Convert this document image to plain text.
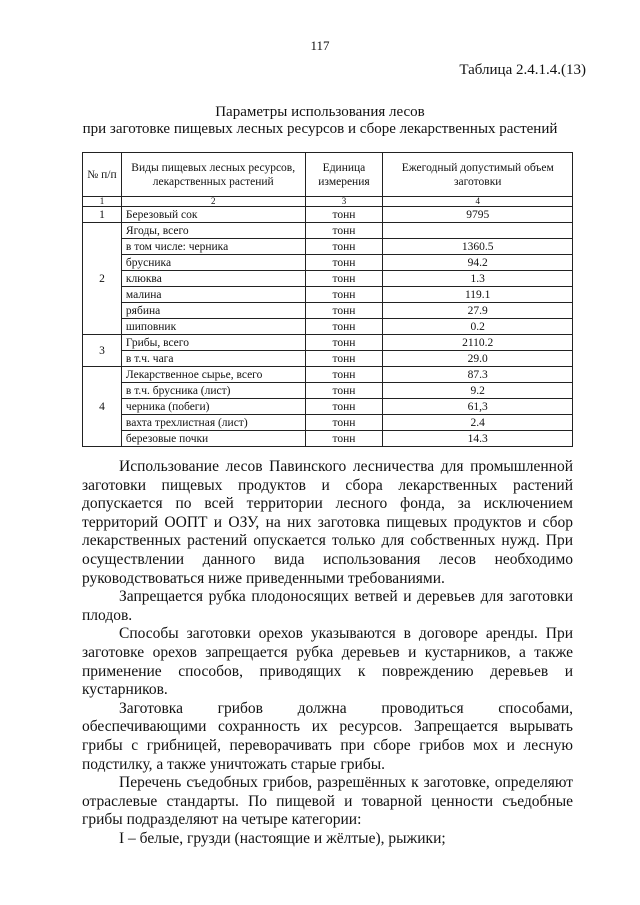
117
Таблица 2.4.1.4.(13)
Параметры использования лесов
при заготовке пищевых лесных ресурсов и сборе лекарственных растений
№ п/п	Виды пищевых лесных ресурсов, лекарственных растений	Единица измерения	Ежегодный допустимый объем заготовки
1	2	3	4
1	Березовый сок	тонн	9795
2	Ягоды, всего	тонн	
	в том числе: черника	тонн	1360.5
	брусника	тонн	94.2
	клюква	тонн	1.3
	малина	тонн	119.1
	рябина	тонн	27.9
	шиповник	тонн	0.2
3	Грибы, всего	тонн	2110.2
	в т.ч. чага	тонн	29.0
4	Лекарственное сырье, всего	тонн	87.3
	в т.ч. брусника (лист)	тонн	9.2
	черника (побеги)	тонн	61,3
	вахта трехлистная (лист)	тонн	2.4
	березовые почки	тонн	14.3

Использование лесов Павинского лесничества для промышленной заготовки пищевых продуктов и сбора лекарственных растений допускается по всей территории лесного фонда, за исключением территорий ООПТ и ОЗУ, на них заготовка пищевых продуктов и сбор лекарственных растений опускается только для собственных нужд. При осуществлении данного вида использования лесов необходимо руководствоваться ниже приведенными требованиями.

Запрещается рубка плодоносящих ветвей и деревьев для заготовки плодов.

Способы заготовки орехов указываются в договоре аренды. При заготовке орехов запрещается рубка деревьев и кустарников, а также применение способов, приводящих к повреждению деревьев и кустарников.

Заготовка грибов должна проводиться способами, обеспечивающими сохранность их ресурсов. Запрещается вырывать грибы с грибницей, переворачивать при сборе грибов мох и лесную подстилку, а также уничтожать старые грибы.

Перечень съедобных грибов, разрешённых к заготовке, определяют отраслевые стандарты. По пищевой и товарной ценности съедобные грибы подразделяют на четыре категории:

I – белые, грузди (настоящие и жёлтые), рыжики;
